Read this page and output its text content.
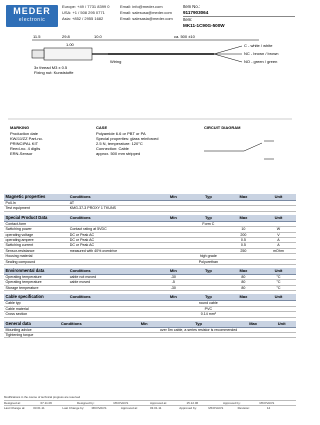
MEDER
electronic
Europe: +49 / 7731 8399 0	Email: info@meder.com
USA: +1 / 508 295 0771	Email: salesusa@meder.com
Asia: +852 / 2955 1682	Email: salesasia@meder.com
Item No.:
9117903064
Item:
MK11-1C90G-500W
11.5	29.8	10.0	ca. 500 ±10
1.00	C - white / white
NC - brown / brown
NO - green / green
Wiring
3x thread M3 x 0.5
Fixing nut: Kunststoffe
MARKING
Production date
KW/JJ/ZZ Part-no.
PRINCIPAL KIT
Reed-no. 4 digits
ERN-Sensor
CASE
Polyamide 6.6 or PBT or PA
Special properties: glass reinforced
2.5 N, temperature: 120°C
Connection: Cable
approx. 500 mm stripped
CIRCUIT DIAGRAM
Magnetic properties	Conditions	Min	Typ	Max	Unit
Pull-In	AT				
Test equipment	KMG-37-3 PROXY 1 TKUNS				
Special Product Data	Conditions	Min	Typ	Max	Unit
Contact-form			Form C		
Switching power	Contact rating at 5VDC			10	W
operating voltage	DC or Peak AC			200	V
operating ampere	DC or Peak AC			0.5	A
Switching current	DC or Peak AC			0.5	A
Sensor-resistance	measured with 40% overdrive			250	mOhm
Housing material			high grade		
Sealing compound			Polyurethan		
Environmental data	Conditions	Min	Typ	Max	Unit
Operating temperature	cable not moved	-30		80	°C
Operating temperature	cable moved	-5		80	°C
Storage temperature		-30		80	°C
Cable specification	Conditions	Min	Typ	Max	Unit
Cable typ			round cable		
Cable material			PVC		
Cross section			0.14 mm²		
General data	Conditions	Min	Typ	Max	Unit
Mounting advice			over 5m cable, a series resistor is recommended		
Tightening torque					
Modifications in the course of technical progress are reserved
Designed at:	07.11.06	Designed by:	MKOVACS	Approved at:	15.12.06	Approved by:	MKOVACS
Last Change at:	03.01.11	Last Change by:	MKOVACS	Approved at:	03.01.11	Approved by:	MKOVACS	Revision:	14
